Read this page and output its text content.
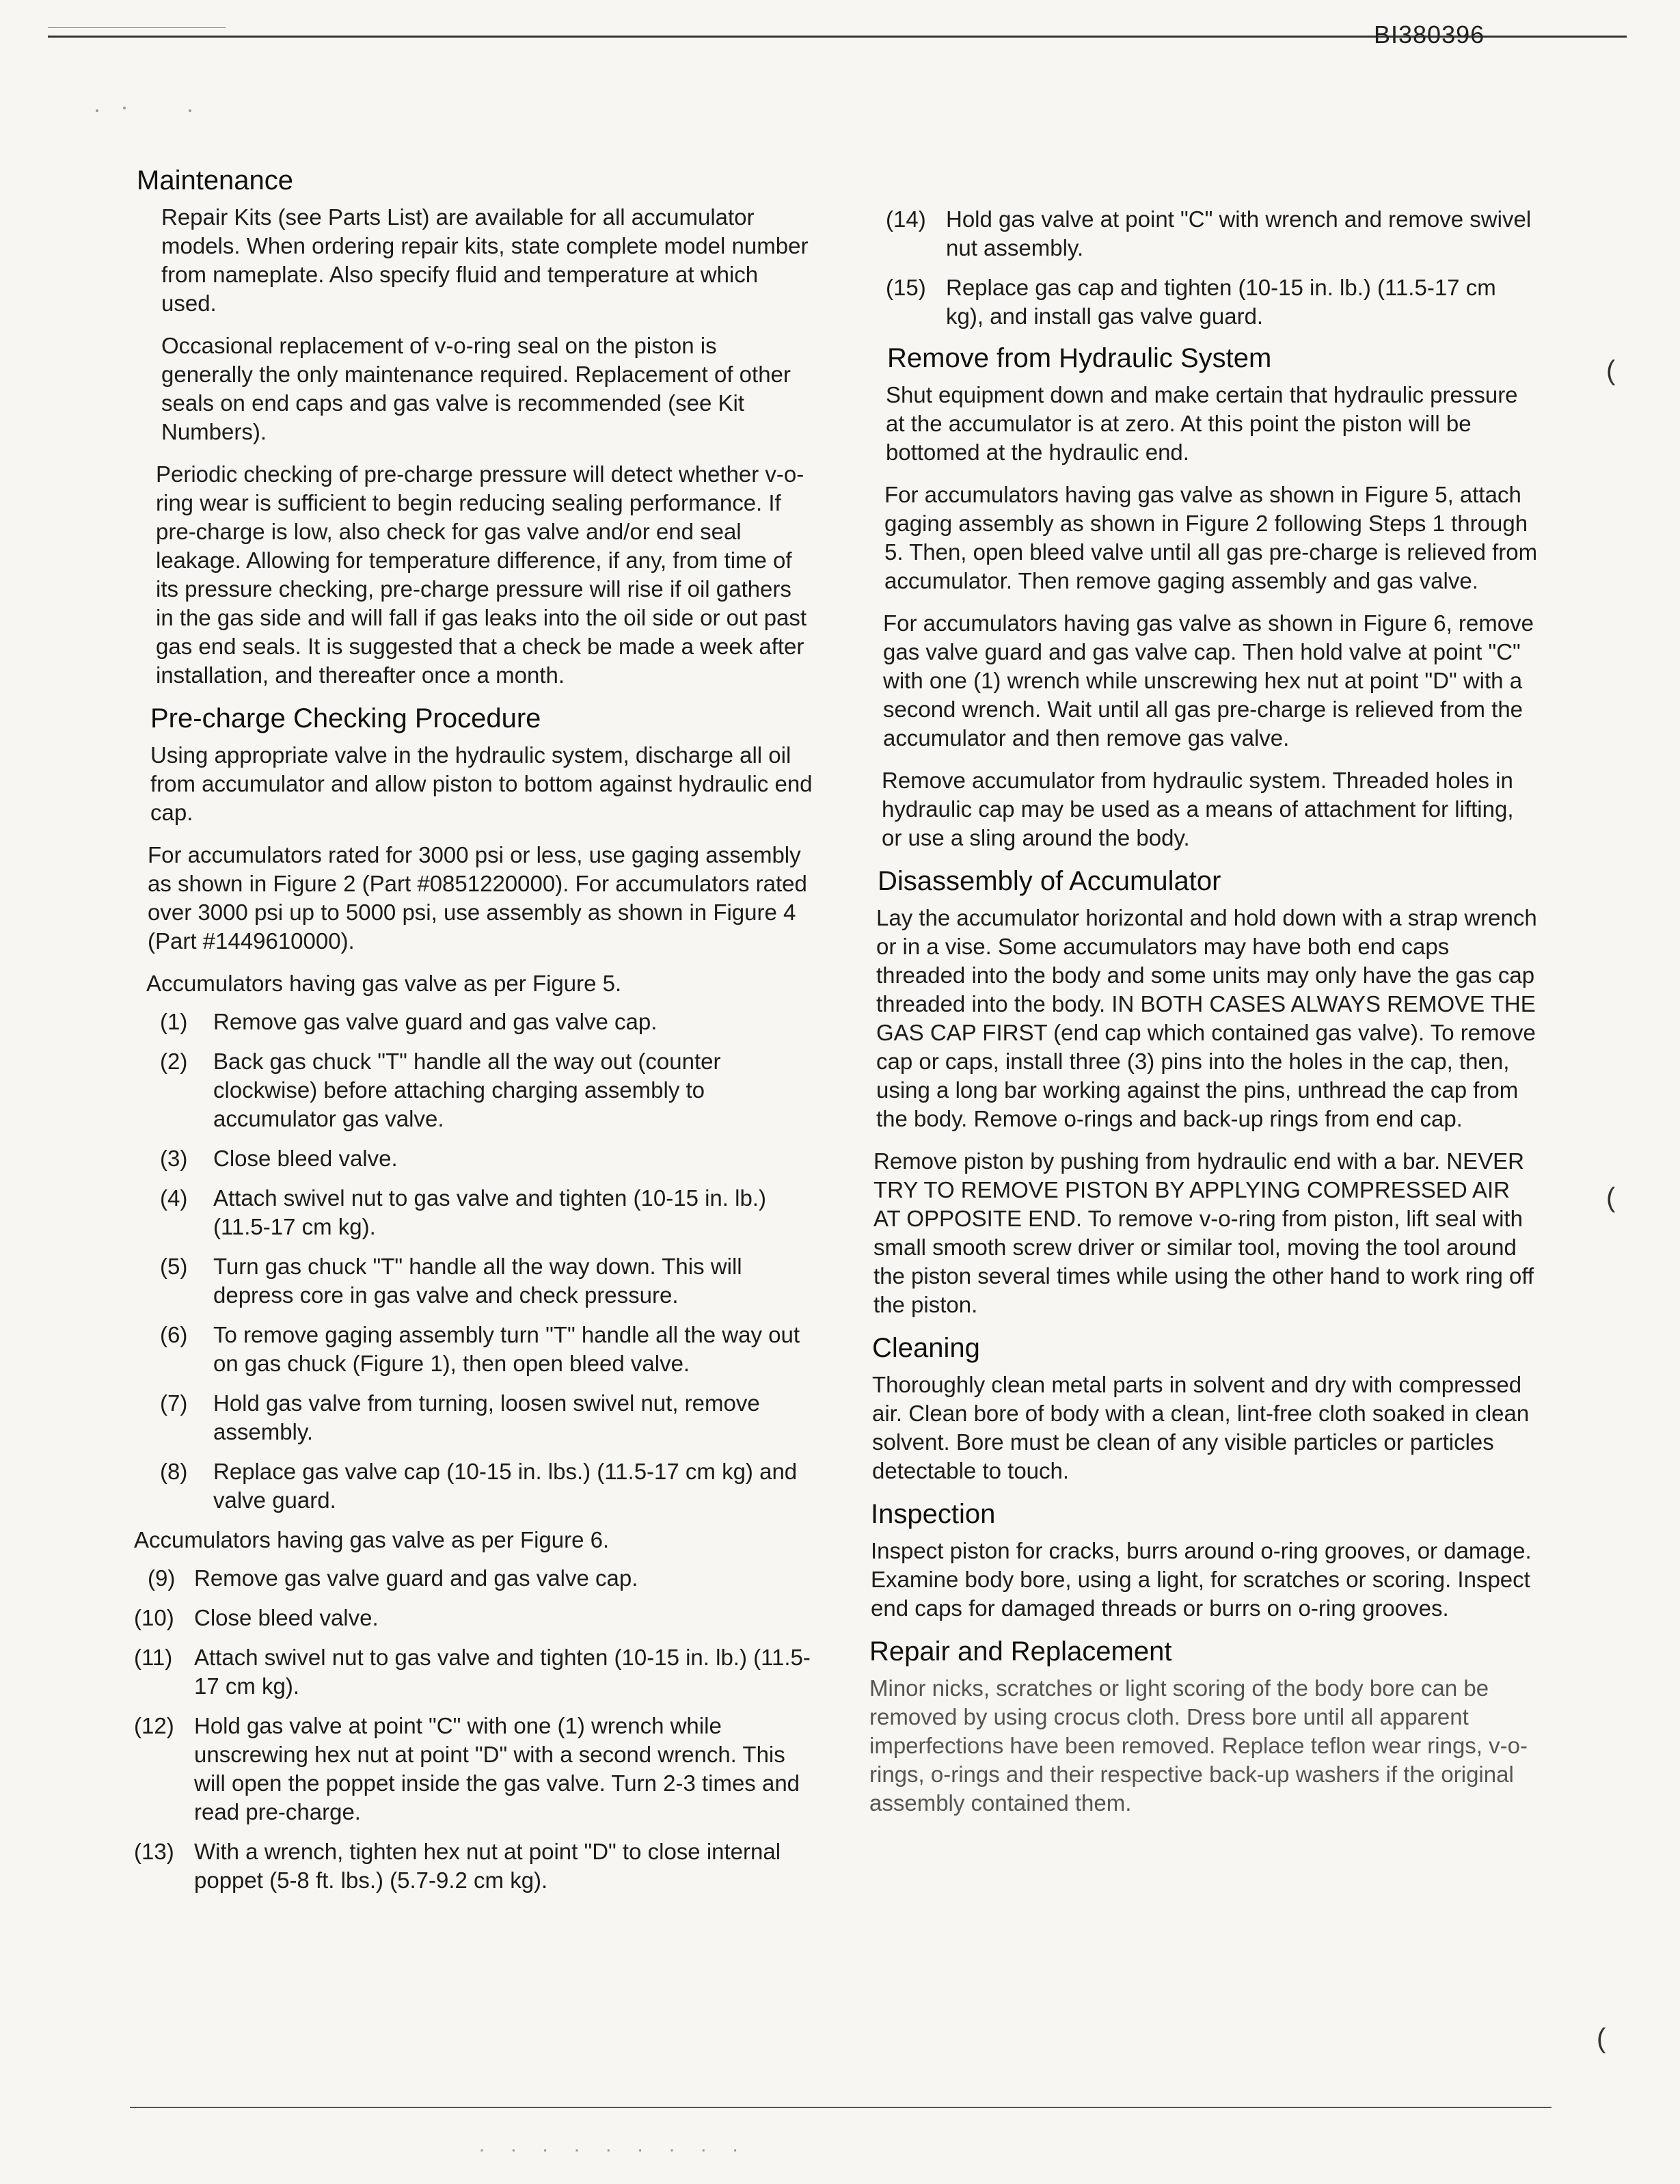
BI380396
Maintenance

Repair Kits (see Parts List) are available for all accumulator models. When ordering repair kits, state complete model number from nameplate. Also specify fluid and temperature at which used.

Occasional replacement of v-o-ring seal on the piston is generally the only maintenance required. Replacement of other seals on end caps and gas valve is recommended (see Kit Numbers).

Periodic checking of pre-charge pressure will detect whether v-o-ring wear is sufficient to begin reducing sealing performance. If pre-charge is low, also check for gas valve and/or end seal leakage. Allowing for temperature difference, if any, from time of its pressure checking, pre-charge pressure will rise if oil gathers in the gas side and will fall if gas leaks into the oil side or out past gas end seals. It is suggested that a check be made a week after installation, and thereafter once a month.

Pre-charge Checking Procedure

Using appropriate valve in the hydraulic system, discharge all oil from accumulator and allow piston to bottom against hydraulic end cap.

For accumulators rated for 3000 psi or less, use gaging assembly as shown in Figure 2 (Part #0851220000). For accumulators rated over 3000 psi up to 5000 psi, use assembly as shown in Figure 4 (Part #1449610000).

Accumulators having gas valve as per Figure 5.

(1) Remove gas valve guard and gas valve cap.
(2) Back gas chuck "T" handle all the way out (counter clockwise) before attaching charging assembly to accumulator gas valve.
(3) Close bleed valve.
(4) Attach swivel nut to gas valve and tighten (10-15 in. lb.) (11.5-17 cm kg).
(5) Turn gas chuck "T" handle all the way down. This will depress core in gas valve and check pressure.
(6) To remove gaging assembly turn "T" handle all the way out on gas chuck (Figure 1), then open bleed valve.
(7) Hold gas valve from turning, loosen swivel nut, remove assembly.
(8) Replace gas valve cap (10-15 in. lbs.) (11.5-17 cm kg) and valve guard.

Accumulators having gas valve as per Figure 6.

(9) Remove gas valve guard and gas valve cap.
(10) Close bleed valve.
(11) Attach swivel nut to gas valve and tighten (10-15 in. lb.) (11.5-17 cm kg).
(12) Hold gas valve at point "C" with one (1) wrench while unscrewing hex nut at point "D" with a second wrench. This will open the poppet inside the gas valve. Turn 2-3 times and read pre-charge.
(13) With a wrench, tighten hex nut at point "D" to close internal poppet (5-8 ft. lbs.) (5.7-9.2 cm kg).
(14) Hold gas valve at point "C" with wrench and remove swivel nut assembly.
(15) Replace gas cap and tighten (10-15 in. lb.) (11.5-17 cm kg), and install gas valve guard.
Remove from Hydraulic System

Shut equipment down and make certain that hydraulic pressure at the accumulator is at zero. At this point the piston will be bottomed at the hydraulic end.

For accumulators having gas valve as shown in Figure 5, attach gaging assembly as shown in Figure 2 following Steps 1 through 5. Then, open bleed valve until all gas pre-charge is relieved from accumulator. Then remove gaging assembly and gas valve.

For accumulators having gas valve as shown in Figure 6, remove gas valve guard and gas valve cap. Then hold valve at point "C" with one (1) wrench while unscrewing hex nut at point "D" with a second wrench. Wait until all gas pre-charge is relieved from the accumulator and then remove gas valve.

Remove accumulator from hydraulic system. Threaded holes in hydraulic cap may be used as a means of attachment for lifting, or use a sling around the body.

Disassembly of Accumulator

Lay the accumulator horizontal and hold down with a strap wrench or in a vise. Some accumulators may have both end caps threaded into the body and some units may only have the gas cap threaded into the body. IN BOTH CASES ALWAYS REMOVE THE GAS CAP FIRST (end cap which contained gas valve). To remove cap or caps, install three (3) pins into the holes in the cap, then, using a long bar working against the pins, unthread the cap from the body. Remove o-rings and back-up rings from end cap.

Remove piston by pushing from hydraulic end with a bar. NEVER TRY TO REMOVE PISTON BY APPLYING COMPRESSED AIR AT OPPOSITE END. To remove v-o-ring from piston, lift seal with small smooth screw driver or similar tool, moving the tool around the piston several times while using the other hand to work ring off the piston.

Cleaning

Thoroughly clean metal parts in solvent and dry with compressed air. Clean bore of body with a clean, lint-free cloth soaked in clean solvent. Bore must be clean of any visible particles or particles detectable to touch.

Inspection

Inspect piston for cracks, burrs around o-ring grooves, or damage. Examine body bore, using a light, for scratches or scoring. Inspect end caps for damaged threads or burrs on o-ring grooves.

Repair and Replacement

Minor nicks, scratches or light scoring of the body bore can be removed by using crocus cloth. Dress bore until all apparent imperfections have been removed. Replace teflon wear rings, v-o-rings, o-rings and their respective back-up washers if the original assembly contained them.

(
(
(
· · · · · · · · ·
